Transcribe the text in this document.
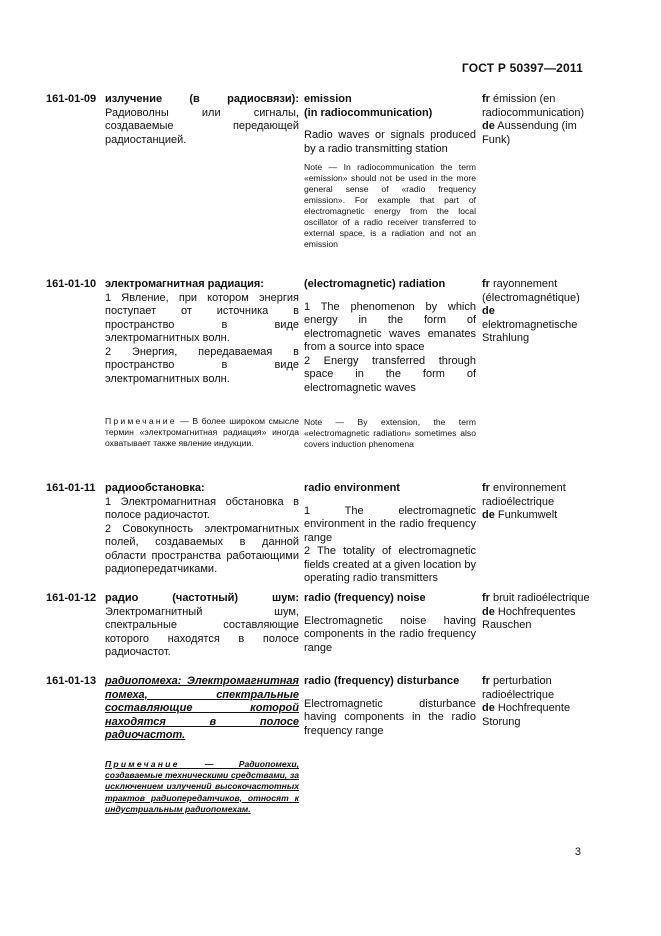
ГОСТ Р 50397—2011
161-01-09 излучение (в радиосвязи): Радиоволны или сигналы, создаваемые передающей радиостанцией.
emission
(in radiocommunication)
Radio waves or signals produced by a radio transmitting station
Note — In radiocommunication the term «emission» should not be used in the more general sense of «radio frequency emission». For example that part of electromagnetic energy from the local oscillator of a radio receiver transferred to external space, is a radiation and not an emission
fr émission (en radiocommunication)
de Aussendung (im Funk)
161-01-10 электромагнитная радиация:
1 Явление, при котором энергия поступает от источника в пространство в виде электромагнитных волн.
2 Энергия, передаваемая в пространство в виде электромагнитных волн.
Примечание — В более широком смысле термин «электромагнитная радиация» иногда охватывает также явление индукции.
(electromagnetic) radiation
1 The phenomenon by which energy in the form of electromagnetic waves emanates from a source into space
2 Energy transferred through space in the form of electromagnetic waves
Note — By extension, the term «electromagnetic radiation» sometimes also covers induction phenomena
fr rayonnement (électromagnétique)
de elektromagnetische Strahlung
161-01-11 радиообстановка:
1 Электромагнитная обстановка в полосе радиочастот.
2 Совокупность электромагнитных полей, создаваемых в данной области пространства работающими радиопередатчиками.
radio environment
1 The electromagnetic environment in the radio frequency range
2 The totality of electromagnetic fields created at a given location by operating radio transmitters
fr environnement radioélectrique
de Funkumwelt
161-01-12 радио (частотный) шум: Электромагнитный шум, спектральные составляющие которого находятся в полосе радиочастот.
radio (frequency) noise
Electromagnetic noise having components in the radio frequency range
fr bruit radioélectrique
de Hochfrequentes Rauschen
161-01-13 радиопомеха: Электромагнитная помеха, спектральные составляющие которой находятся в полосе радиочастот.
Примечание — Радиопомехи, создаваемые техническими средствами, за исключением излучений высокочастотных трактов радиопередатчиков, относят к индустриальным радиопомехам.
radio (frequency) disturbance
Electromagnetic disturbance having components in the radio frequency range
fr perturbation radioélectrique
de Hochfrequente Storung
3
